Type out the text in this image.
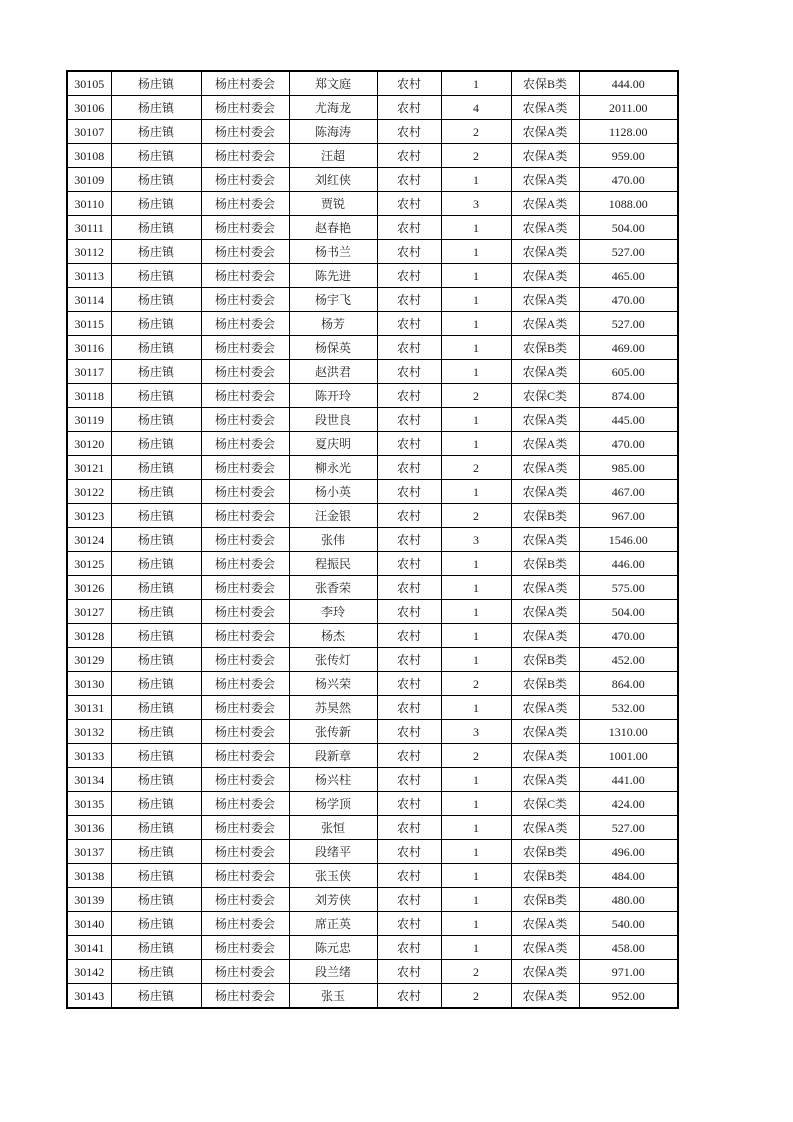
30105	杨庄镇	杨庄村委会	郑文庭	农村	1	农保B类	444.00
30106	杨庄镇	杨庄村委会	尤海龙	农村	4	农保A类	2011.00
30107	杨庄镇	杨庄村委会	陈海涛	农村	2	农保A类	1128.00
30108	杨庄镇	杨庄村委会	汪超	农村	2	农保A类	959.00
30109	杨庄镇	杨庄村委会	刘红侠	农村	1	农保A类	470.00
30110	杨庄镇	杨庄村委会	贾锐	农村	3	农保A类	1088.00
30111	杨庄镇	杨庄村委会	赵春艳	农村	1	农保A类	504.00
30112	杨庄镇	杨庄村委会	杨书兰	农村	1	农保A类	527.00
30113	杨庄镇	杨庄村委会	陈先进	农村	1	农保A类	465.00
30114	杨庄镇	杨庄村委会	杨宇飞	农村	1	农保A类	470.00
30115	杨庄镇	杨庄村委会	杨芳	农村	1	农保A类	527.00
30116	杨庄镇	杨庄村委会	杨保英	农村	1	农保B类	469.00
30117	杨庄镇	杨庄村委会	赵洪君	农村	1	农保A类	605.00
30118	杨庄镇	杨庄村委会	陈开玲	农村	2	农保C类	874.00
30119	杨庄镇	杨庄村委会	段世良	农村	1	农保A类	445.00
30120	杨庄镇	杨庄村委会	夏庆明	农村	1	农保A类	470.00
30121	杨庄镇	杨庄村委会	柳永光	农村	2	农保A类	985.00
30122	杨庄镇	杨庄村委会	杨小英	农村	1	农保A类	467.00
30123	杨庄镇	杨庄村委会	汪金银	农村	2	农保B类	967.00
30124	杨庄镇	杨庄村委会	张伟	农村	3	农保A类	1546.00
30125	杨庄镇	杨庄村委会	程振民	农村	1	农保B类	446.00
30126	杨庄镇	杨庄村委会	张香荣	农村	1	农保A类	575.00
30127	杨庄镇	杨庄村委会	李玲	农村	1	农保A类	504.00
30128	杨庄镇	杨庄村委会	杨杰	农村	1	农保A类	470.00
30129	杨庄镇	杨庄村委会	张传灯	农村	1	农保B类	452.00
30130	杨庄镇	杨庄村委会	杨兴荣	农村	2	农保B类	864.00
30131	杨庄镇	杨庄村委会	苏昊然	农村	1	农保A类	532.00
30132	杨庄镇	杨庄村委会	张传新	农村	3	农保A类	1310.00
30133	杨庄镇	杨庄村委会	段新章	农村	2	农保A类	1001.00
30134	杨庄镇	杨庄村委会	杨兴柱	农村	1	农保A类	441.00
30135	杨庄镇	杨庄村委会	杨学顶	农村	1	农保C类	424.00
30136	杨庄镇	杨庄村委会	张恒	农村	1	农保A类	527.00
30137	杨庄镇	杨庄村委会	段绪平	农村	1	农保B类	496.00
30138	杨庄镇	杨庄村委会	张玉侠	农村	1	农保B类	484.00
30139	杨庄镇	杨庄村委会	刘芳侠	农村	1	农保B类	480.00
30140	杨庄镇	杨庄村委会	席正英	农村	1	农保A类	540.00
30141	杨庄镇	杨庄村委会	陈元忠	农村	1	农保A类	458.00
30142	杨庄镇	杨庄村委会	段兰绪	农村	2	农保A类	971.00
30143	杨庄镇	杨庄村委会	张玉	农村	2	农保A类	952.00
